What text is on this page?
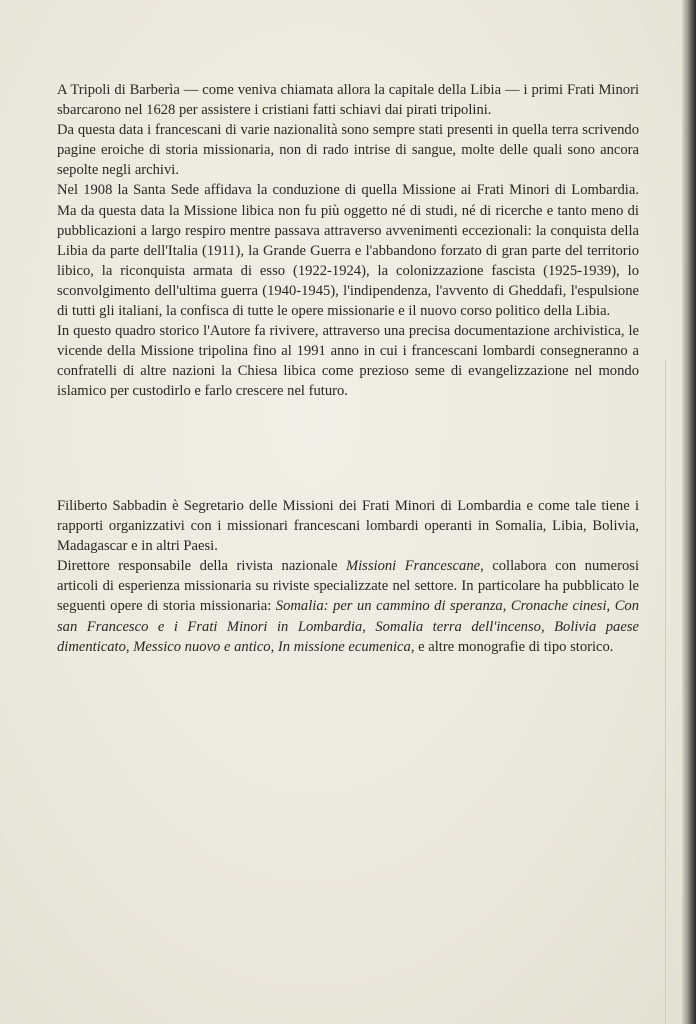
A Tripoli di Barberìa — come veniva chiamata allora la capitale della Libia — i primi Frati Minori sbarcarono nel 1628 per assistere i cristiani fatti schiavi dai pirati tripolini.

Da questa data i francescani di varie nazionalità sono sempre stati presenti in quella terra scrivendo pagine eroiche di storia missionaria, non di rado intrise di sangue, molte delle quali sono ancora sepolte negli archivi.

Nel 1908 la Santa Sede affidava la conduzione di quella Missione ai Frati Minori di Lombardia. Ma da questa data la Missione libica non fu più oggetto né di studi, né di ricerche e tanto meno di pubblicazioni a largo respiro mentre passava attraverso avvenimenti eccezionali: la conquista della Libia da parte dell'Italia (1911), la Grande Guerra e l'abbandono forzato di gran parte del territorio libico, la riconquista armata di esso (1922-1924), la colonizzazione fascista (1925-1939), lo sconvolgimento dell'ultima guerra (1940-1945), l'indipendenza, l'avvento di Gheddafi, l'espulsione di tutti gli italiani, la confisca di tutte le opere missionarie e il nuovo corso politico della Libia.

In questo quadro storico l'Autore fa rivivere, attraverso una precisa documentazione archivistica, le vicende della Missione tripolina fino al 1991 anno in cui i francescani lombardi consegneranno a confratelli di altre nazioni la Chiesa libica come prezioso seme di evangelizzazione nel mondo islamico per custodirlo e farlo crescere nel futuro.

Filiberto Sabbadin è Segretario delle Missioni dei Frati Minori di Lombardia e come tale tiene i rapporti organizzativi con i missionari francescani lombardi operanti in Somalia, Libia, Bolivia, Madagascar e in altri Paesi.

Direttore responsabile della rivista nazionale Missioni Francescane, collabora con numerosi articoli di esperienza missionaria su riviste specializzate nel settore. In particolare ha pubblicato le seguenti opere di storia missionaria: Somalia: per un cammino di speranza, Cronache cinesi, Con san Francesco e i Frati Minori in Lombardia, Somalia terra dell'incenso, Bolivia paese dimenticato, Messico nuovo e antico, In missione ecumenica, e altre monografie di tipo storico.
